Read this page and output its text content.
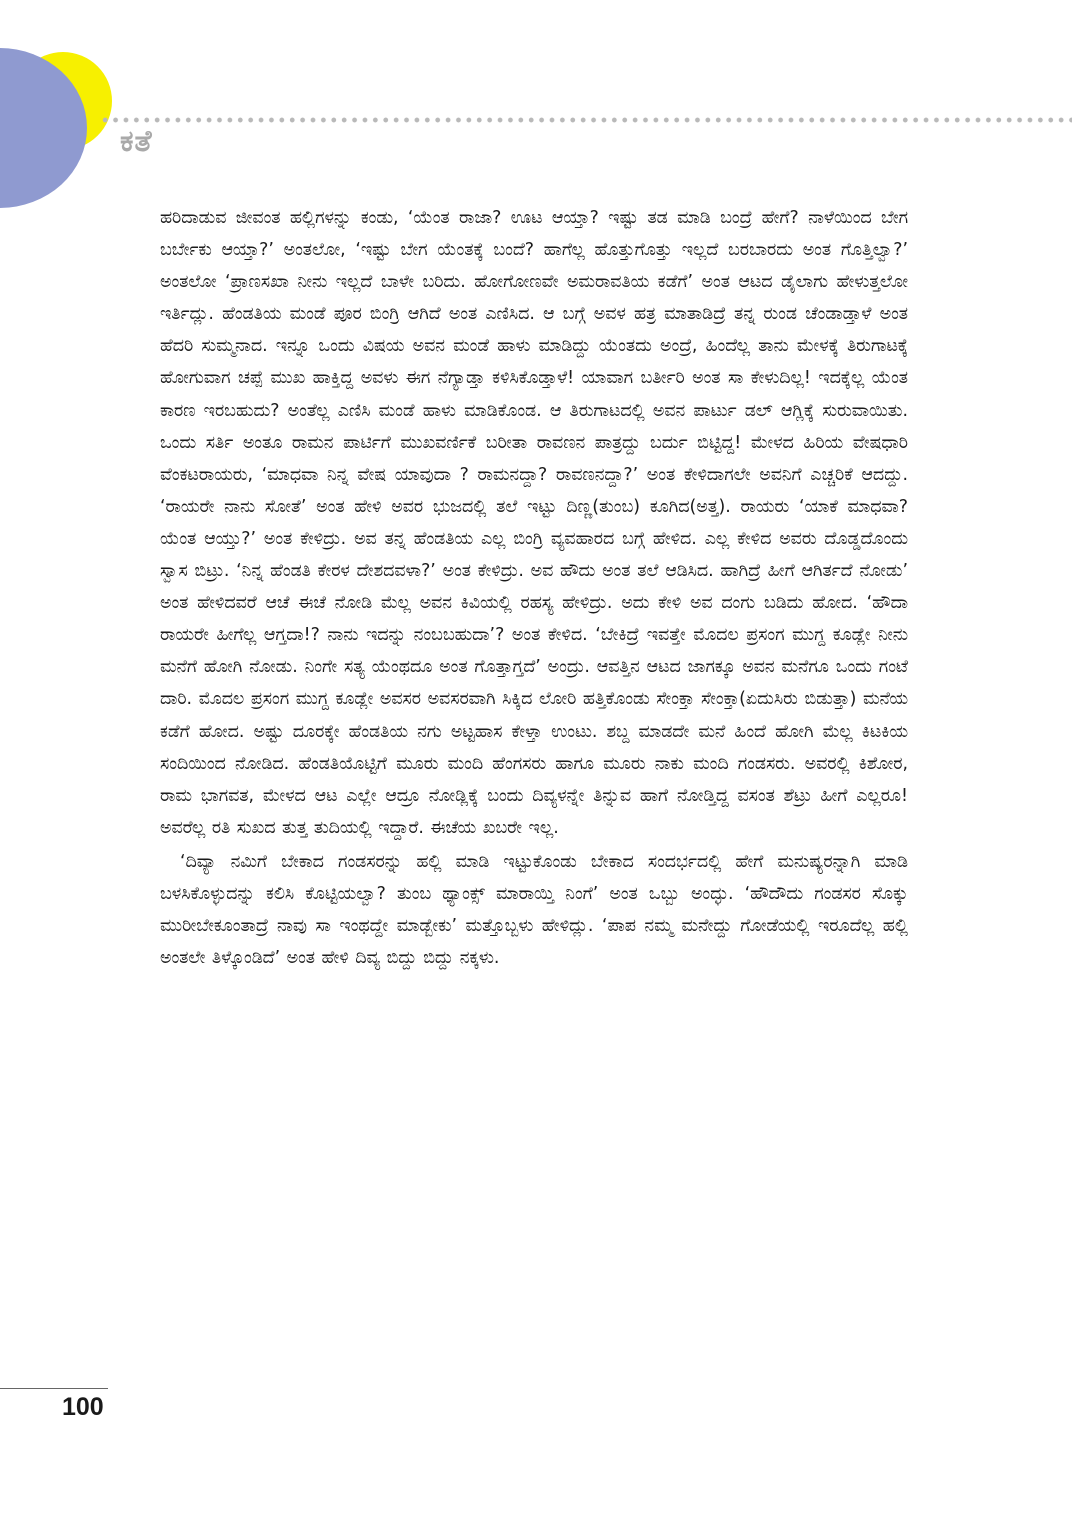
ಕತೆ

ಹರಿದಾಡುವ ಜೀವಂತ ಹಲ್ಲಿಗಳನ್ನು ಕಂಡು, ‘ಯೆಂತ ರಾಜಾ? ಊಟ ಆಯ್ತಾ? ಇಷ್ಟು ತಡ ಮಾಡಿ ಬಂದ್ರೆ ಹೇಗೆ? ನಾಳೆಯಿಂದ ಬೇಗ ಬರ್ಬೇಕು ಆಯ್ತಾ?’ ಅಂತಲೋ, ‘ಇಷ್ಟು ಬೇಗ ಯೆಂತಕ್ಕೆ ಬಂದೆ? ಹಾಗೆಲ್ಲ ಹೊತ್ತುಗೊತ್ತು ಇಲ್ಲದೆ ಬರಬಾರದು ಅಂತ ಗೊತ್ತಿಲ್ವಾ?’ ಅಂತಲೋ ‘ಪ್ರಾಣಸಖಾ ನೀನು ಇಲ್ಲದೆ ಬಾಳೇ ಬರಿದು. ಹೋಗೋಣವೇ ಅಮರಾವತಿಯ ಕಡೆಗೆ’ ಅಂತ ಆಟದ ಡೈಲಾಗು ಹೇಳುತ್ತಲೋ ಇರ್ತಿದ್ಲು. ಹೆಂಡತಿಯ ಮಂಡೆ ಪೂರ ಬಿಂಗ್ರಿ ಆಗಿದೆ ಅಂತ ಎಣಿಸಿದ. ಆ ಬಗ್ಗೆ ಅವಳ ಹತ್ರ ಮಾತಾಡಿದ್ರೆ ತನ್ನ ರುಂಡ ಚೆಂಡಾಡ್ತಾಳೆ ಅಂತ ಹೆದರಿ ಸುಮ್ಮನಾದ. ಇನ್ನೂ ಒಂದು ವಿಷಯ ಅವನ ಮಂಡೆ ಹಾಳು ಮಾಡಿದ್ದು ಯೆಂತದು ಅಂದ್ರೆ, ಹಿಂದೆಲ್ಲ ತಾನು ಮೇಳಕ್ಕೆ ತಿರುಗಾಟಕ್ಕೆ ಹೋಗುವಾಗ ಚಪ್ಪೆ ಮುಖ ಹಾಕ್ತಿದ್ದ ಅವಳು ಈಗ ನೆಗ್ಯಾಡ್ತಾ ಕಳಿಸಿಕೊಡ್ತಾಳೆ! ಯಾವಾಗ ಬರ್ತೀರಿ ಅಂತ ಸಾ ಕೇಳುದಿಲ್ಲ! ಇದಕ್ಕೆಲ್ಲ ಯೆಂತ ಕಾರಣ ಇರಬಹುದು? ಅಂತೆಲ್ಲ ಎಣಿಸಿ ಮಂಡೆ ಹಾಳು ಮಾಡಿಕೊಂಡ. ಆ ತಿರುಗಾಟದಲ್ಲಿ ಅವನ ಪಾರ್ಟು ಡಲ್ ಆಗ್ಲಿಕ್ಕೆ ಸುರುವಾಯಿತು. ಒಂದು ಸರ್ತಿ ಅಂತೂ ರಾಮನ ಪಾರ್ಟಿಗೆ ಮುಖವರ್ಣಿಕೆ ಬರೀತಾ ರಾವಣನ ಪಾತ್ರದ್ದು ಬರ್ದು ಬಿಟ್ಟಿದ್ದ! ಮೇಳದ ಹಿರಿಯ ವೇಷಧಾರಿ ವೆಂಕಟರಾಯರು, ‘ಮಾಧವಾ ನಿನ್ನ ವೇಷ ಯಾವುದಾ ? ರಾಮನದ್ದಾ? ರಾವಣನದ್ದಾ?’ ಅಂತ ಕೇಳಿದಾಗಲೇ ಅವನಿಗೆ ಎಚ್ಚರಿಕೆ ಆದದ್ದು. ‘ರಾಯರೇ ನಾನು ಸೋತೆ’ ಅಂತ ಹೇಳಿ ಅವರ ಭುಜದಲ್ಲಿ ತಲೆ ಇಟ್ಟು ದಿಣ್ಣ(ತುಂಬ) ಕೂಗಿದ(ಅತ್ತ). ರಾಯರು ‘ಯಾಕೆ ಮಾಧವಾ? ಯೆಂತ ಆಯ್ತು?’ ಅಂತ ಕೇಳಿದ್ರು. ಅವ ತನ್ನ ಹೆಂಡತಿಯ ಎಲ್ಲ ಬಿಂಗ್ರಿ ವ್ಯವಹಾರದ ಬಗ್ಗೆ ಹೇಳಿದ. ಎಲ್ಲ ಕೇಳಿದ ಅವರು ದೊಡ್ಡದೊಂದು ಸ್ವಾಸ ಬಿಟ್ರು. ‘ನಿನ್ನ ಹೆಂಡತಿ ಕೇರಳ ದೇಶದವಳಾ?’ ಅಂತ ಕೇಳಿದ್ರು. ಅವ ಹೌದು ಅಂತ ತಲೆ ಆಡಿಸಿದ. ಹಾಗಿದ್ರೆ ಹೀಗೆ ಆಗಿರ್ತದೆ ನೋಡು’ ಅಂತ ಹೇಳಿದವರೆ ಆಚೆ ಈಚೆ ನೋಡಿ ಮೆಲ್ಲ ಅವನ ಕಿವಿಯಲ್ಲಿ ರಹಸ್ಯ ಹೇಳಿದ್ರು. ಅದು ಕೇಳಿ ಅವ ದಂಗು ಬಡಿದು ಹೋದ. ‘ಹೌದಾ ರಾಯರೇ ಹೀಗೆಲ್ಲ ಆಗ್ತದಾ!? ನಾನು ಇದನ್ನು ನಂಬಬಹುದಾ’? ಅಂತ ಕೇಳಿದ. ‘ಬೇಕಿದ್ರೆ ಇವತ್ತೇ ಮೊದಲ ಪ್ರಸಂಗ ಮುಗ್ದ ಕೂಡ್ಲೇ ನೀನು ಮನೆಗೆ ಹೋಗಿ ನೋಡು. ನಿಂಗೇ ಸತ್ಯ ಯೆಂಥದೂ ಅಂತ ಗೊತ್ತಾಗ್ತದೆ’ ಅಂದ್ರು. ಆವತ್ತಿನ ಆಟದ ಜಾಗಕ್ಕೂ ಅವನ ಮನೆಗೂ ಒಂದು ಗಂಟೆ ದಾರಿ. ಮೊದಲ ಪ್ರಸಂಗ ಮುಗ್ದ ಕೂಡ್ಲೇ ಅವಸರ ಅವಸರವಾಗಿ ಸಿಕ್ಕಿದ ಲೋರಿ ಹತ್ತಿಕೊಂಡು ಸೇಂಕ್ತಾ ಸೇಂಕ್ತಾ(ಏದುಸಿರು ಬಿಡುತ್ತಾ) ಮನೆಯ ಕಡೆಗೆ ಹೋದ. ಅಷ್ಟು ದೂರಕ್ಕೇ ಹೆಂಡತಿಯ ನಗು ಅಟ್ಟಹಾಸ ಕೇಳ್ತಾ ಉಂಟು. ಶಬ್ದ ಮಾಡದೇ ಮನೆ ಹಿಂದೆ ಹೋಗಿ ಮೆಲ್ಲ ಕಿಟಕಿಯ ಸಂದಿಯಿಂದ ನೋಡಿದ. ಹೆಂಡತಿಯೊಟ್ಟಿಗೆ ಮೂರು ಮಂದಿ ಹೆಂಗಸರು ಹಾಗೂ ಮೂರು ನಾಕು ಮಂದಿ ಗಂಡಸರು. ಅವರಲ್ಲಿ ಕಿಶೋರ, ರಾಮ ಭಾಗವತ, ಮೇಳದ ಆಟ ಎಲ್ಲೇ ಆದ್ರೂ ನೋಡ್ಲಿಕ್ಕೆ ಬಂದು ದಿವ್ಯಳನ್ನೇ ತಿನ್ನುವ ಹಾಗೆ ನೋಡ್ತಿದ್ದ ವಸಂತ ಶೆಟ್ರು ಹೀಗೆ ಎಲ್ಲರೂ! ಅವರೆಲ್ಲ ರತಿ ಸುಖದ ತುತ್ತ ತುದಿಯಲ್ಲಿ ಇದ್ದಾರೆ. ಈಚೆಯ ಖಬರೇ ಇಲ್ಲ.

‘ದಿವ್ಯಾ ನಮಿಗೆ ಬೇಕಾದ ಗಂಡಸರನ್ನು ಹಲ್ಲಿ ಮಾಡಿ ಇಟ್ಟುಕೊಂಡು ಬೇಕಾದ ಸಂದರ್ಭದಲ್ಲಿ ಹೇಗೆ ಮನುಷ್ಯರನ್ನಾಗಿ ಮಾಡಿ ಬಳಸಿಕೊಳ್ಳುದನ್ನು ಕಲಿಸಿ ಕೊಟ್ಟಿಯಲ್ವಾ? ತುಂಬ ಥ್ಯಾಂಕ್ಸ್ ಮಾರಾಯ್ತಿ ನಿಂಗೆ’ ಅಂತ ಒಬ್ಬು ಅಂದ್ಳು. ‘ಹೌದೌದು ಗಂಡಸರ ಸೊಕ್ಕು ಮುರೀಬೇಕೂಂತಾದ್ರೆ ನಾವು ಸಾ ಇಂಥದ್ದೇ ಮಾಡ್ಬೇಕು’ ಮತ್ತೊಬ್ಬಳು ಹೇಳಿದ್ಲು. ‘ಪಾಪ ನಮ್ಮ ಮನೇದ್ದು ಗೋಡೆಯಲ್ಲಿ ಇರೂದೆಲ್ಲ ಹಲ್ಲಿ ಅಂತಲೇ ತಿಳ್ಕೊಂಡಿದೆ’ ಅಂತ ಹೇಳಿ ದಿವ್ಯ ಬಿದ್ದು ಬಿದ್ದು ನಕ್ಕಳು.

100
